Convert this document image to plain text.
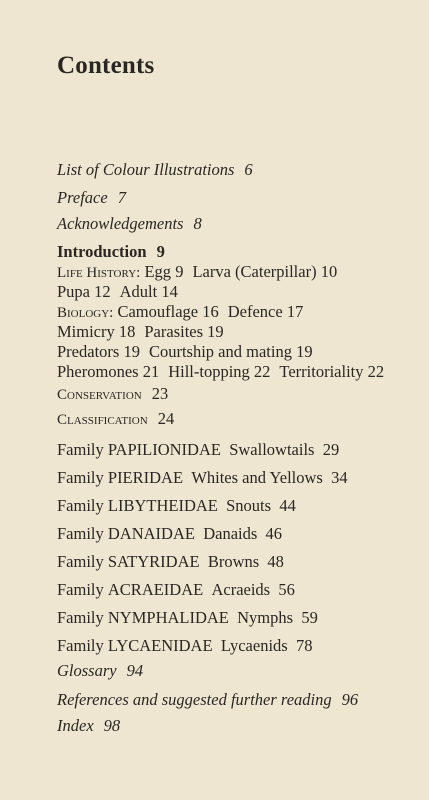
Contents
List of Colour Illustrations 6
Preface 7
Acknowledgements 8
Introduction 9
Life History: Egg 9 Larva (Caterpillar) 10
Pupa 12 Adult 14
Biology: Camouflage 16 Defence 17
Mimicry 18 Parasites 19
Predators 19 Courtship and mating 19
Pheromones 21 Hill-topping 22 Territoriality 22
Conservation 23
Classification 24
Family PAPILIONIDAE Swallowtails 29
Family PIERIDAE Whites and Yellows 34
Family LIBYTHEIDAE Snouts 44
Family DANAIDAE Danaids 46
Family SATYRIDAE Browns 48
Family ACRAEIDAE Acraeids 56
Family NYMPHALIDAE Nymphs 59
Family LYCAENIDAE Lycaenids 78
Glossary 94
References and suggested further reading 96
Index 98
